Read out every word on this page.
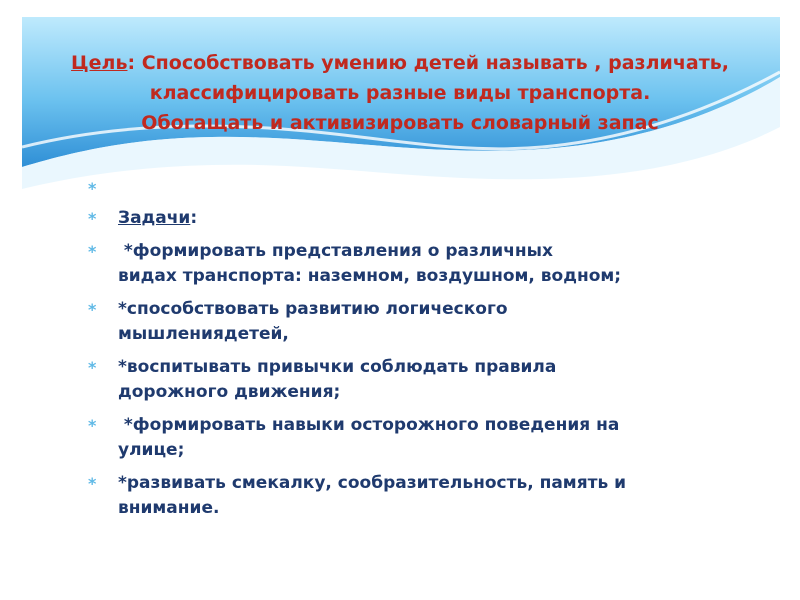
Цель: Способствовать умению детей называть , различать,
классифицировать разные виды транспорта.
Обогащать и активизировать словарный запас
*
* Задачи:
* *формировать представления о различных
видах транспорта: наземном, воздушном, водном;
* *способствовать развитию логического
мышлениядетей,
* *воспитывать привычки соблюдать правила
дорожного движения;
* *формировать навыки осторожного поведения на
улице;
* *развивать смекалку, сообразительность, память и
внимание.
